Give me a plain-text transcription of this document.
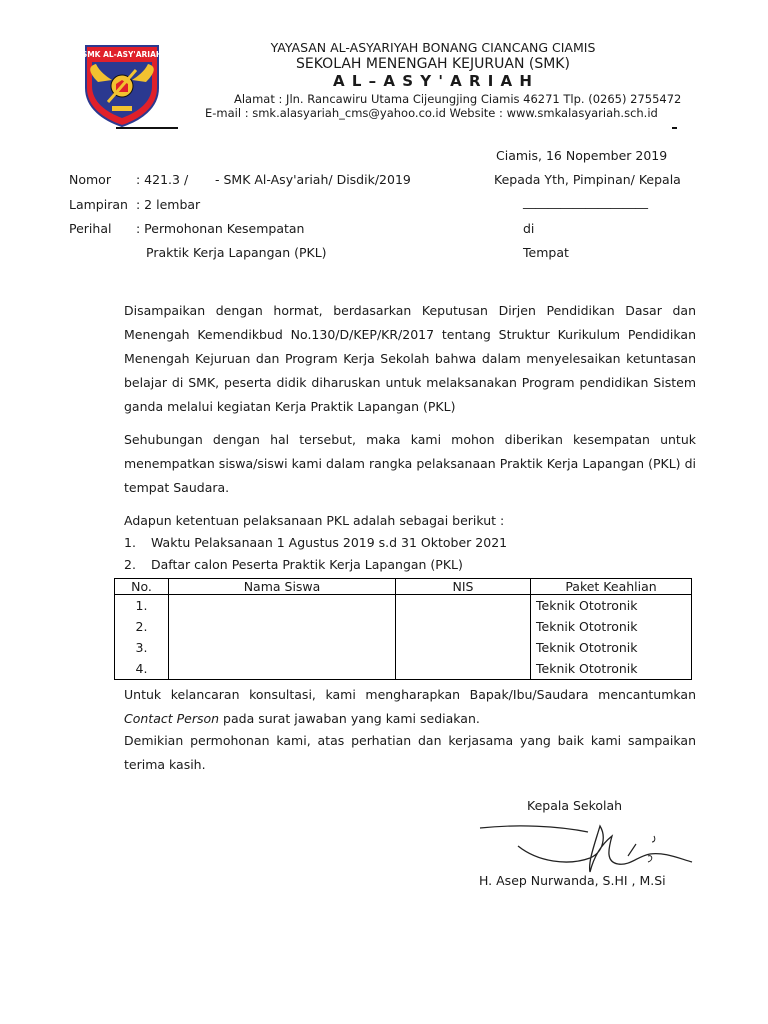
SMK AL-ASY'ARIAH	YAYASAN AL-ASYARIYAH BONANG CIANCANG CIAMIS
SEKOLAH MENENGAH KEJURUAN (SMK)
A L – A S Y ' A R I A H
Alamat : Jln. Rancawiru Utama Cijeungjing Ciamis 46271 Tlp. (0265) 2755472
E-mail : smk.alasyariah_cms@yahoo.co.id Website : www.smkalasyariah.sch.id
Ciamis, 16 Nopember 2019
Nomor : 421.3 / - SMK Al-Asy'ariah/ Disdik/2019	Kepada Yth, Pimpinan/ Kepala
Lampiran : 2 lembar	____________________
Perihal : Permohonan Kesempatan	di
Praktik Kerja Lapangan (PKL)	Tempat
Disampaikan dengan hormat, berdasarkan Keputusan Dirjen Pendidikan Dasar dan Menengah Kemendikbud No.130/D/KEP/KR/2017 tentang Struktur Kurikulum Pendidikan Menengah Kejuruan dan Program Kerja Sekolah bahwa dalam menyelesaikan ketuntasan belajar di SMK, peserta didik diharuskan untuk melaksanakan Program pendidikan Sistem ganda melalui kegiatan Kerja Praktik Lapangan (PKL)
Sehubungan dengan hal tersebut, maka kami mohon diberikan kesempatan untuk menempatkan siswa/siswi kami dalam rangka pelaksanaan Praktik Kerja Lapangan (PKL) di tempat Saudara.
Adapun ketentuan pelaksanaan PKL adalah sebagai berikut :
1. Waktu Pelaksanaan 1 Agustus 2019 s.d 31 Oktober 2021
2. Daftar calon Peserta Praktik Kerja Lapangan (PKL)
No.	Nama Siswa	NIS	Paket Keahlian
1.			Teknik Ototronik
2.			Teknik Ototronik
3.			Teknik Ototronik
4.			Teknik Ototronik
Untuk kelancaran konsultasi, kami mengharapkan Bapak/Ibu/Saudara mencantumkan
Contact Person pada surat jawaban yang kami sediakan.
Demikian permohonan kami, atas perhatian dan kerjasama yang baik kami sampaikan terima kasih.
Kepala Sekolah
H. Asep Nurwanda, S.HI , M.Si
